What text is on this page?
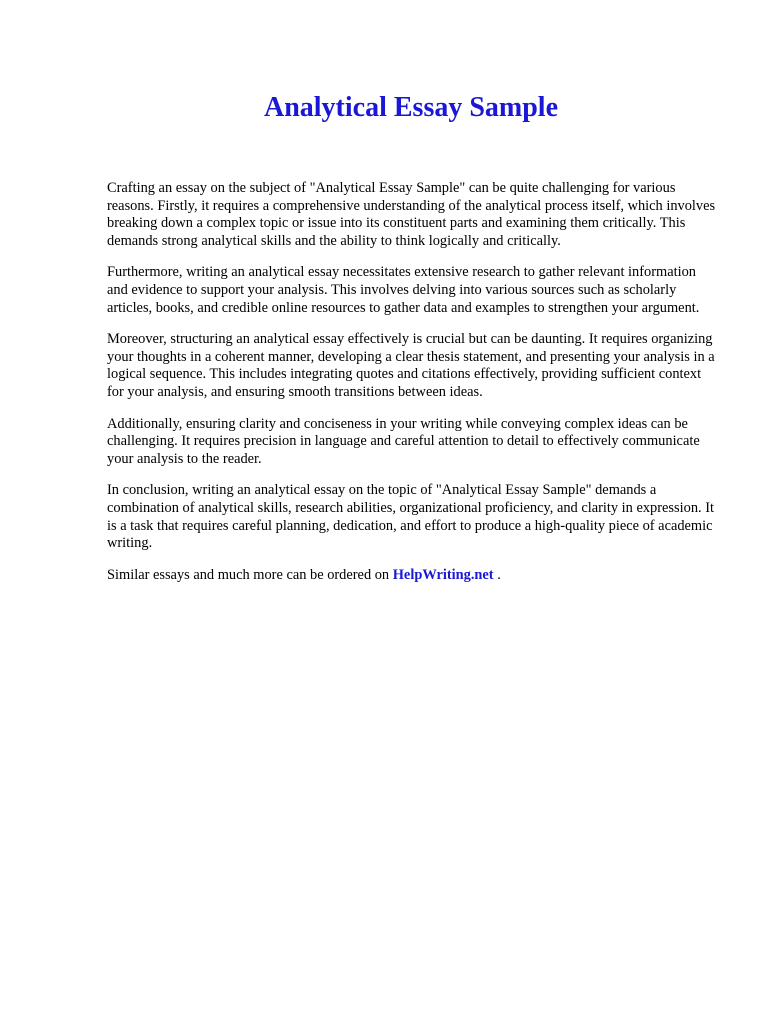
Analytical Essay Sample

Crafting an essay on the subject of "Analytical Essay Sample" can be quite challenging for various reasons. Firstly, it requires a comprehensive understanding of the analytical process itself, which involves breaking down a complex topic or issue into its constituent parts and examining them critically. This demands strong analytical skills and the ability to think logically and critically.

Furthermore, writing an analytical essay necessitates extensive research to gather relevant information and evidence to support your analysis. This involves delving into various sources such as scholarly articles, books, and credible online resources to gather data and examples to strengthen your argument.

Moreover, structuring an analytical essay effectively is crucial but can be daunting. It requires organizing your thoughts in a coherent manner, developing a clear thesis statement, and presenting your analysis in a logical sequence. This includes integrating quotes and citations effectively, providing sufficient context for your analysis, and ensuring smooth transitions between ideas.

Additionally, ensuring clarity and conciseness in your writing while conveying complex ideas can be challenging. It requires precision in language and careful attention to detail to effectively communicate your analysis to the reader.

In conclusion, writing an analytical essay on the topic of "Analytical Essay Sample" demands a combination of analytical skills, research abilities, organizational proficiency, and clarity in expression. It is a task that requires careful planning, dedication, and effort to produce a high-quality piece of academic writing.

Similar essays and much more can be ordered on HelpWriting.net .
